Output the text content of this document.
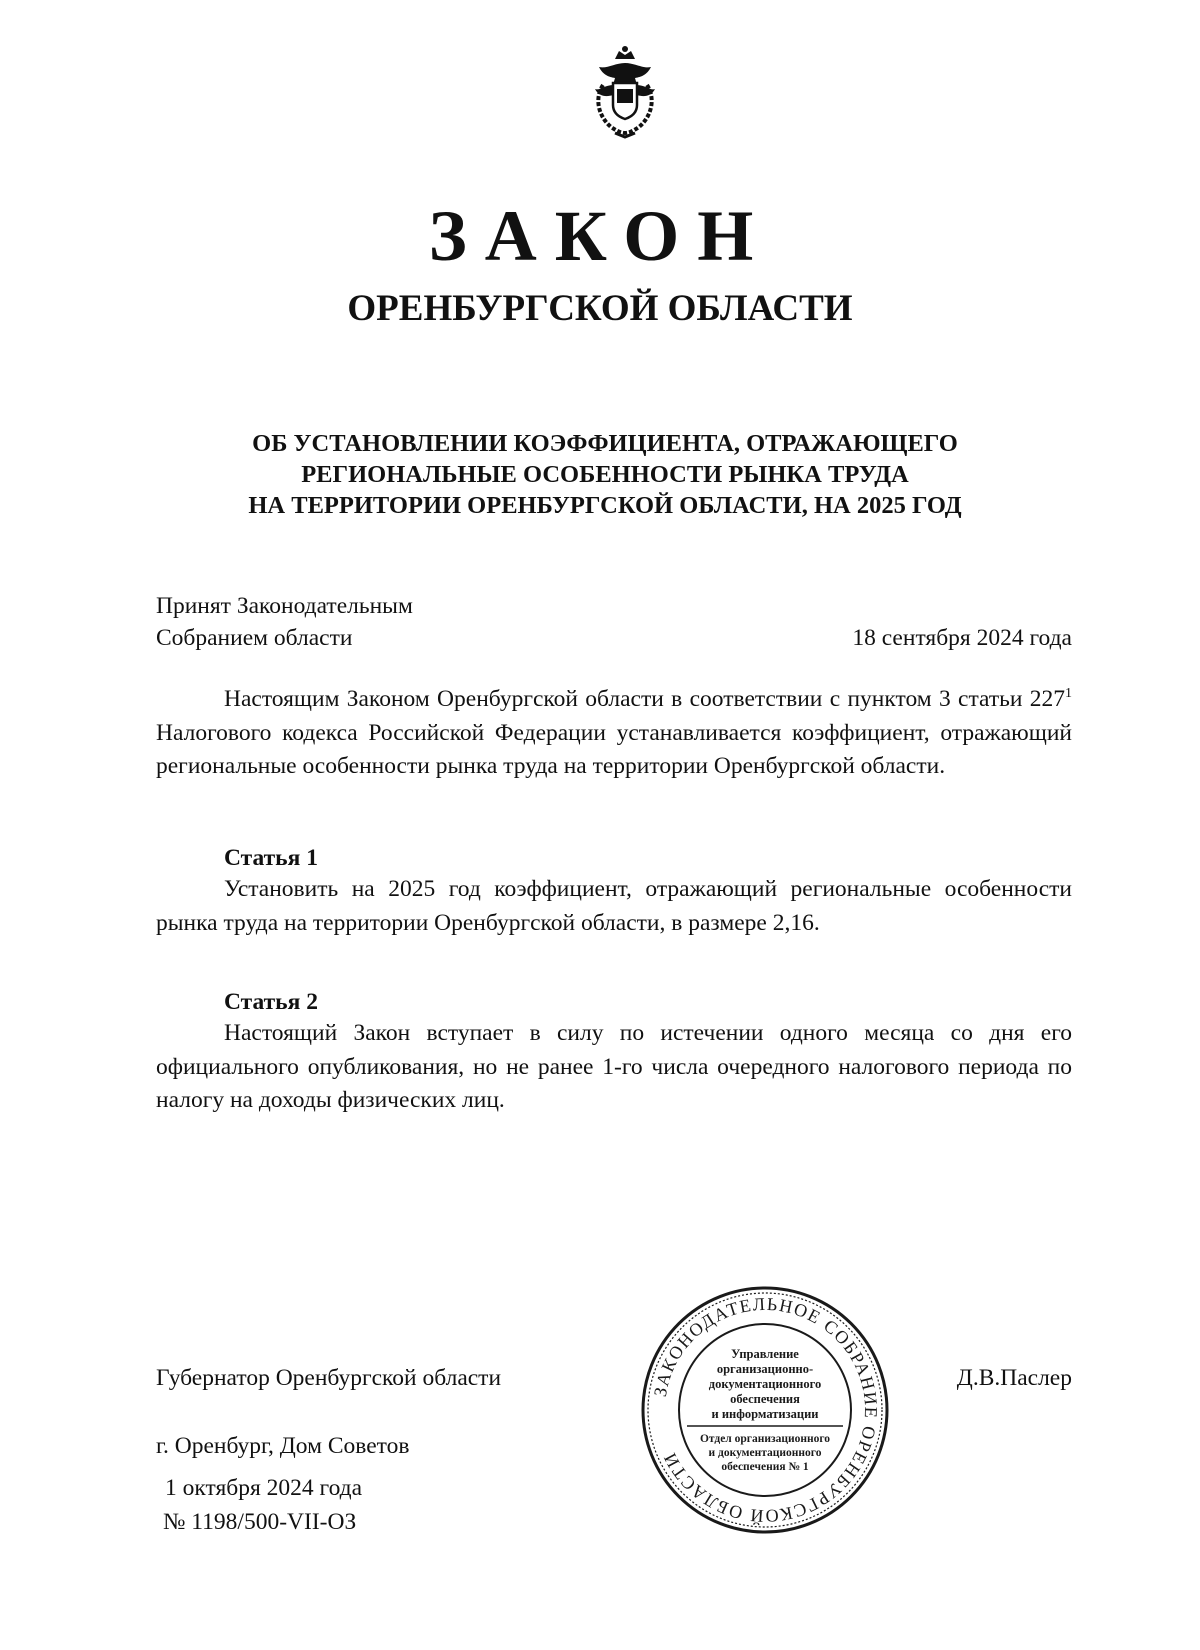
ЗАКОН
ОРЕНБУРГСКОЙ ОБЛАСТИ
ОБ УСТАНОВЛЕНИИ КОЭФФИЦИЕНТА, ОТРАЖАЮЩЕГО
РЕГИОНАЛЬНЫЕ ОСОБЕННОСТИ РЫНКА ТРУДА
НА ТЕРРИТОРИИ ОРЕНБУРГСКОЙ ОБЛАСТИ, НА 2025 ГОД
Принят Законодательным
Собранием области	18 сентября 2024 года
Настоящим Законом Оренбургской области в соответствии с пунктом 3 статьи $227^1$ Налогового кодекса Российской Федерации устанавливается коэффициент, отражающий региональные особенности рынка труда на территории Оренбургской области.
Статья 1
Установить на 2025 год коэффициент, отражающий региональные особенности рынка труда на территории Оренбургской области, в размере 2,16.
Статья 2
Настоящий Закон вступает в силу по истечении одного месяца со дня его официального опубликования, но не ранее 1-го числа очередного налогового периода по налогу на доходы физических лиц.
Губернатор Оренбургской области	Д.В.Паслер
г. Оренбург, Дом Советов
1 октября 2024 года
№ 1198/500-VII-ОЗ
ЗАКОНОДАТЕЛЬНОЕ СОБРАНИЕ ОРЕНБУРГСКОЙ ОБЛАСТИ
Управление
организационно-
документационного
обеспечения
и информатизации
Отдел организационного
и документационного
обеспечения № 1
